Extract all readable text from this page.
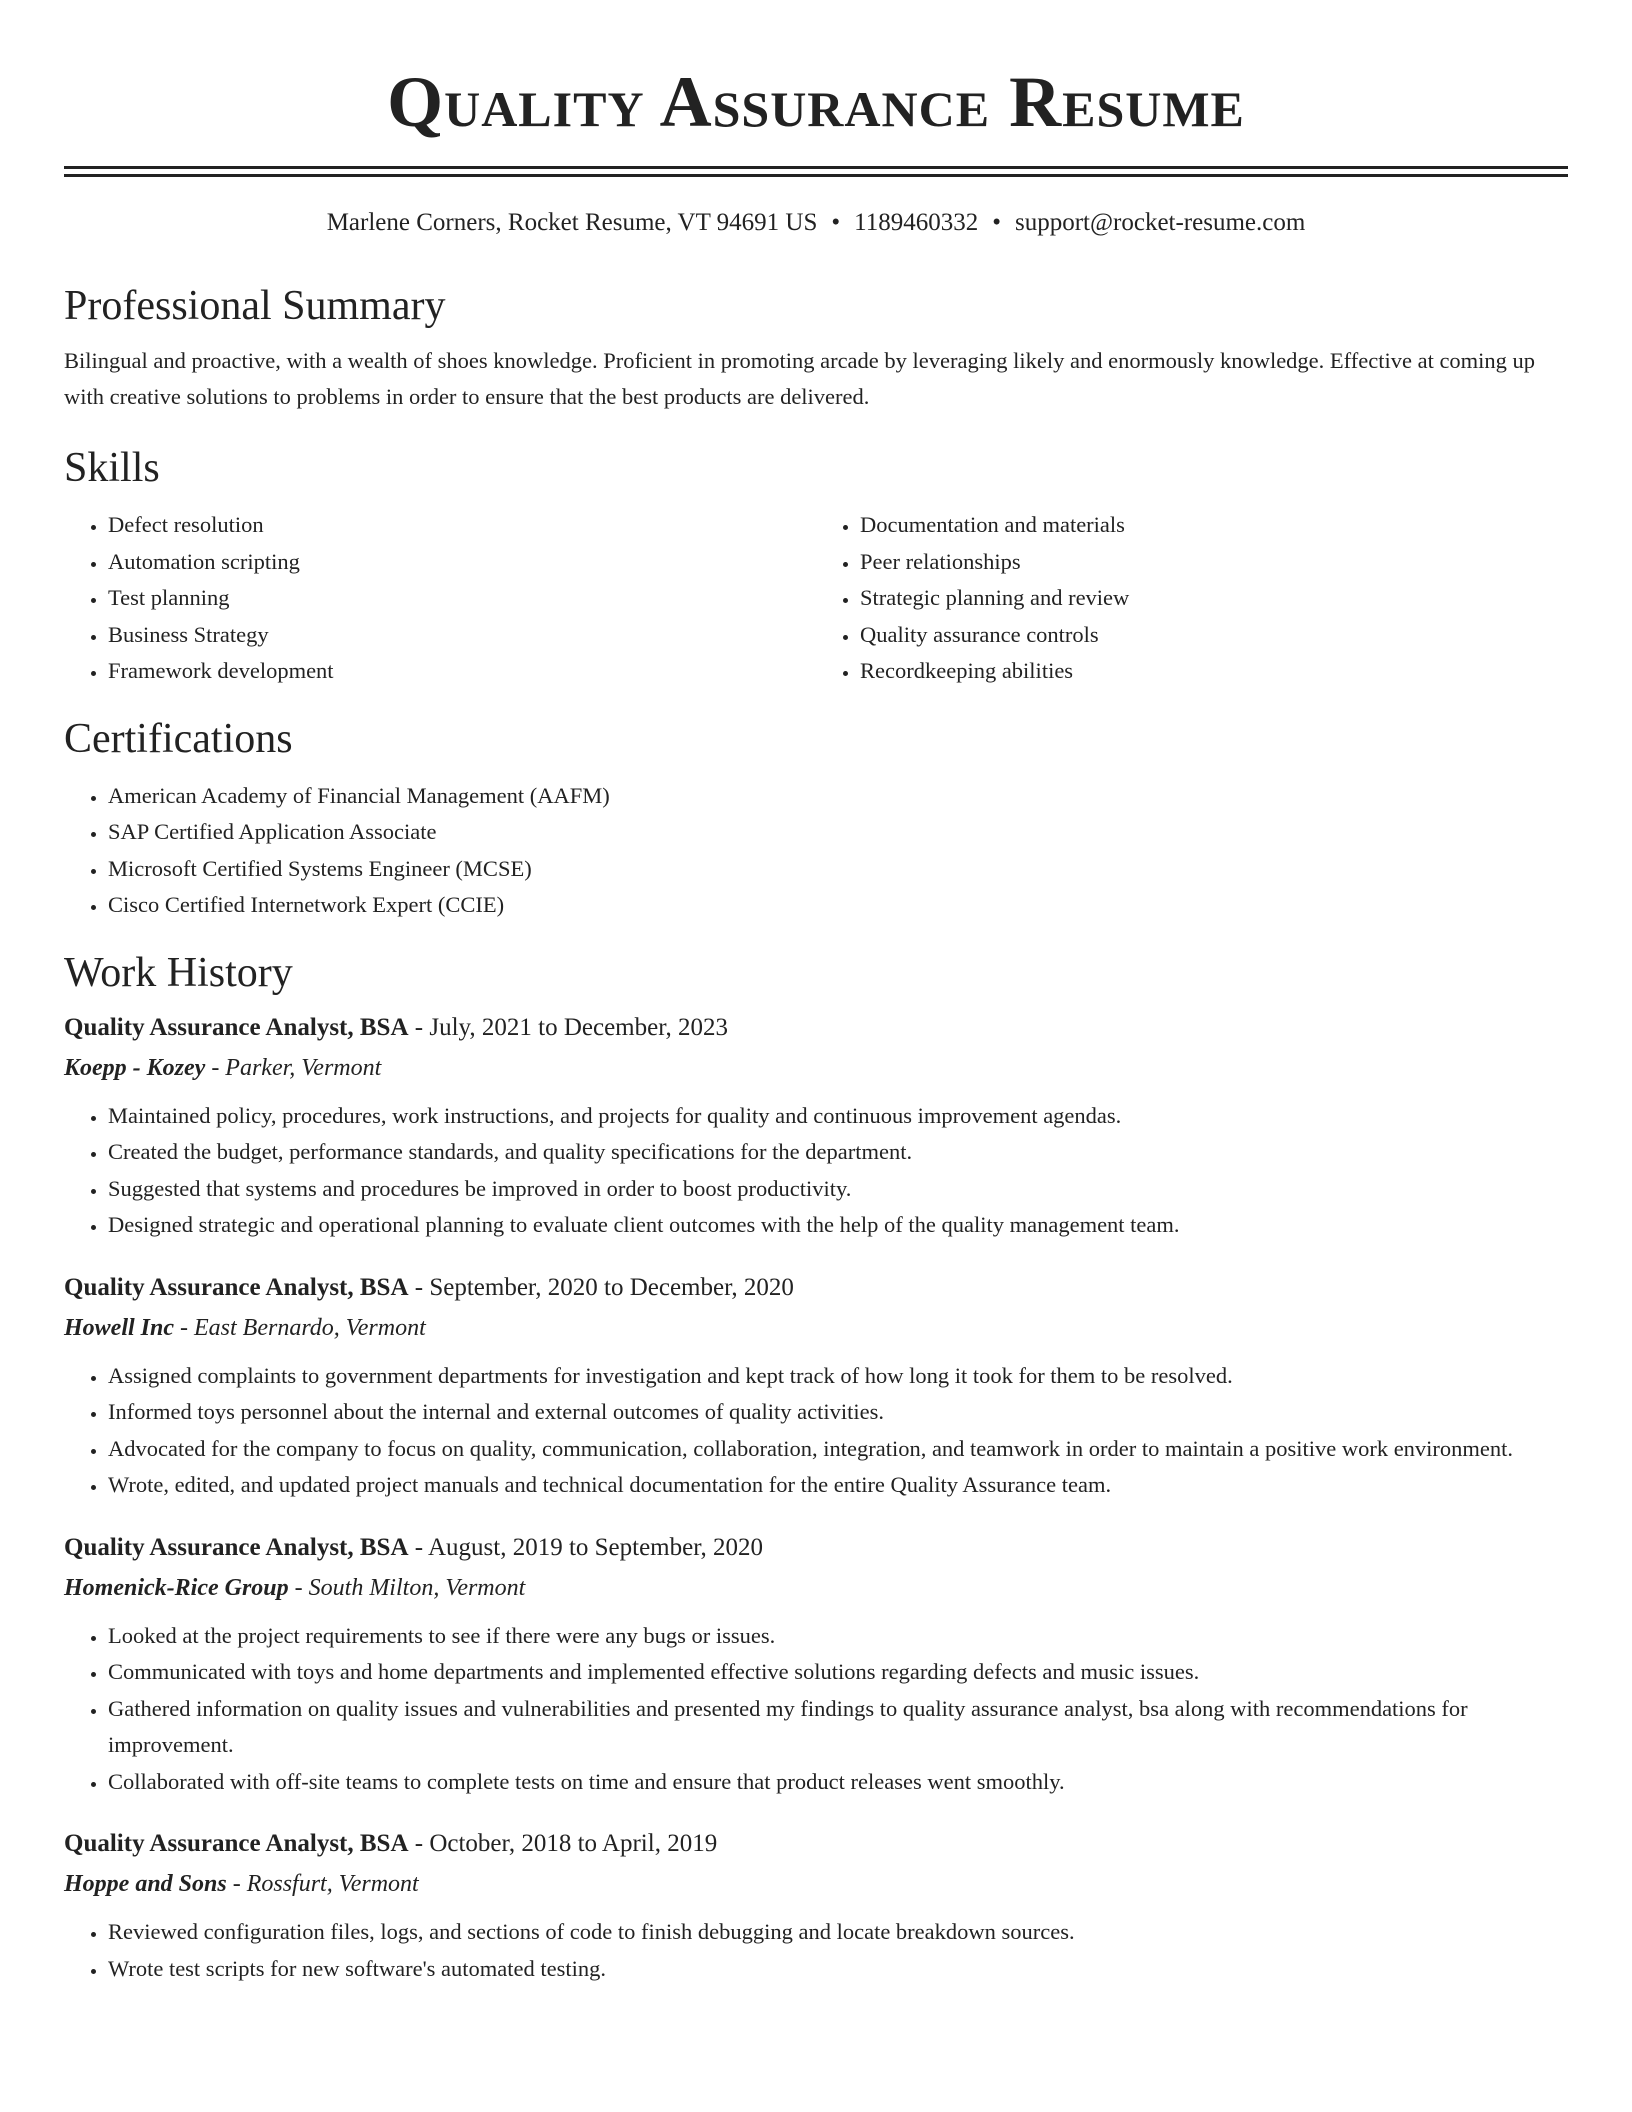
Quality Assurance Resume
Marlene Corners, Rocket Resume, VT 94691 US • 1189460332 • support@rocket-resume.com
Professional Summary

Bilingual and proactive, with a wealth of shoes knowledge. Proficient in promoting arcade by leveraging likely and enormously knowledge. Effective at coming up with creative solutions to problems in order to ensure that the best products are delivered.

Skills
• Defect resolution
• Automation scripting
• Test planning
• Business Strategy
• Framework development
• Documentation and materials
• Peer relationships
• Strategic planning and review
• Quality assurance controls
• Recordkeeping abilities
Certifications
• American Academy of Financial Management (AAFM)
• SAP Certified Application Associate
• Microsoft Certified Systems Engineer (MCSE)
• Cisco Certified Internetwork Expert (CCIE)
Work History
Quality Assurance Analyst, BSA - July, 2021 to December, 2023
Koepp - Kozey - Parker, Vermont
• Maintained policy, procedures, work instructions, and projects for quality and continuous improvement agendas.
• Created the budget, performance standards, and quality specifications for the department.
• Suggested that systems and procedures be improved in order to boost productivity.
• Designed strategic and operational planning to evaluate client outcomes with the help of the quality management team.
Quality Assurance Analyst, BSA - September, 2020 to December, 2020
Howell Inc - East Bernardo, Vermont
• Assigned complaints to government departments for investigation and kept track of how long it took for them to be resolved.
• Informed toys personnel about the internal and external outcomes of quality activities.
• Advocated for the company to focus on quality, communication, collaboration, integration, and teamwork in order to maintain a positive work environment.
• Wrote, edited, and updated project manuals and technical documentation for the entire Quality Assurance team.
Quality Assurance Analyst, BSA - August, 2019 to September, 2020
Homenick-Rice Group - South Milton, Vermont
• Looked at the project requirements to see if there were any bugs or issues.
• Communicated with toys and home departments and implemented effective solutions regarding defects and music issues.
• Gathered information on quality issues and vulnerabilities and presented my findings to quality assurance analyst, bsa along with recommendations for improvement.
• Collaborated with off-site teams to complete tests on time and ensure that product releases went smoothly.
Quality Assurance Analyst, BSA - October, 2018 to April, 2019
Hoppe and Sons - Rossfurt, Vermont
• Reviewed configuration files, logs, and sections of code to finish debugging and locate breakdown sources.
• Wrote test scripts for new software's automated testing.
